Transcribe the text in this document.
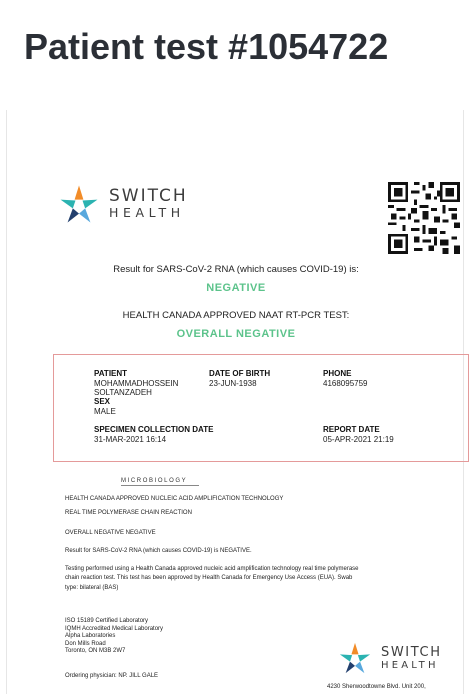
Patient test #1054722
SWITCH
HEALTH
Result for SARS-CoV-2 RNA (which causes COVID-19) is:
NEGATIVE
HEALTH CANADA APPROVED NAAT RT-PCR TEST:
OVERALL NEGATIVE
PATIENT
MOHAMMADHOSSEIN
SOLTANZADEH
SEX
MALE
DATE OF BIRTH
23-JUN-1938
PHONE
4168095759
SPECIMEN COLLECTION DATE
31-MAR-2021 16:14
REPORT DATE
05-APR-2021 21:19
MICROBIOLOGY
HEALTH CANADA APPROVED NUCLEIC ACID AMPLIFICATION TECHNOLOGY
REAL TIME POLYMERASE CHAIN REACTION
OVERALL NEGATIVE NEGATIVE
Result for SARS-CoV-2 RNA (which causes COVID-19) is NEGATIVE.
Testing performed using a Health Canada approved nucleic acid amplification technology real time polymerase chain reaction test. This test has been approved by Health Canada for Emergency Use Access (EUA). Swab type: bilateral (BAS)
ISO 15189 Certified Laboratory
IQMH Accredited Medical Laboratory
Alpha Laboratories
Don Mills Road
Toronto, ON M3B 2W7
Ordering physician: NP. JILL GALE
SWITCH
HEALTH
4230 Sherwoodtowne Blvd. Unit 200,
